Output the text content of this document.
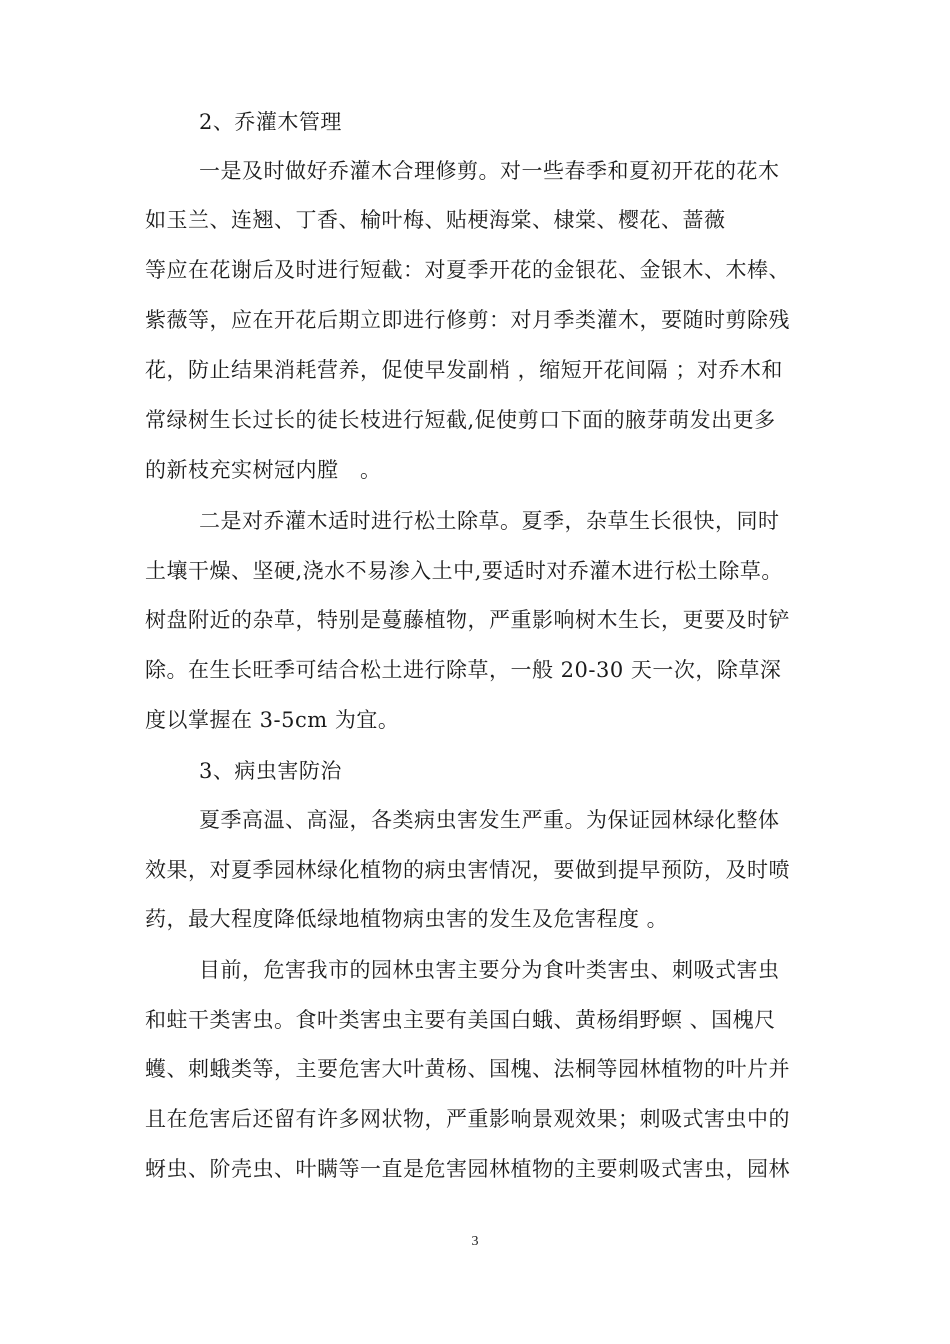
2、乔灌木管理
一是及时做好乔灌木合理修剪。对一些春季和夏初开花的花木
如玉兰、连翘、丁香、榆叶梅、贴梗海棠、棣棠、樱花、蔷薇
等应在花谢后及时进行短截：对夏季开花的金银花、金银木、木棒、
紫薇等，应在开花后期立即进行修剪：对月季类灌木，要随时剪除残
花，防止结果消耗营养，促使早发副梢 ，缩短开花间隔 ；对乔木和
常绿树生长过长的徒长枝进行短截,促使剪口下面的腋芽萌发出更多
的新枝充实树冠内膛　。
二是对乔灌木适时进行松土除草。夏季，杂草生长很快，同时
土壤干燥、坚硬,浇水不易渗入土中,要适时对乔灌木进行松土除草。
树盘附近的杂草，特别是蔓藤植物，严重影响树木生长，更要及时铲
除。在生长旺季可结合松土进行除草，一般 20-30 天一次，除草深
度以掌握在 3-5cm 为宜。
3、病虫害防治
夏季高温、高湿，各类病虫害发生严重。为保证园林绿化整体
效果，对夏季园林绿化植物的病虫害情况，要做到提早预防，及时喷
药，最大程度降低绿地植物病虫害的发生及危害程度 。
目前，危害我市的园林虫害主要分为食叶类害虫、刺吸式害虫
和蛀干类害虫。食叶类害虫主要有美国白蛾、黄杨绢野螟 、国槐尺
蠖、刺蛾类等，主要危害大叶黄杨、国槐、法桐等园林植物的叶片并
且在危害后还留有许多网状物，严重影响景观效果；刺吸式害虫中的
蚜虫、阶壳虫、叶瞒等一直是危害园林植物的主要刺吸式害虫，园林
3
